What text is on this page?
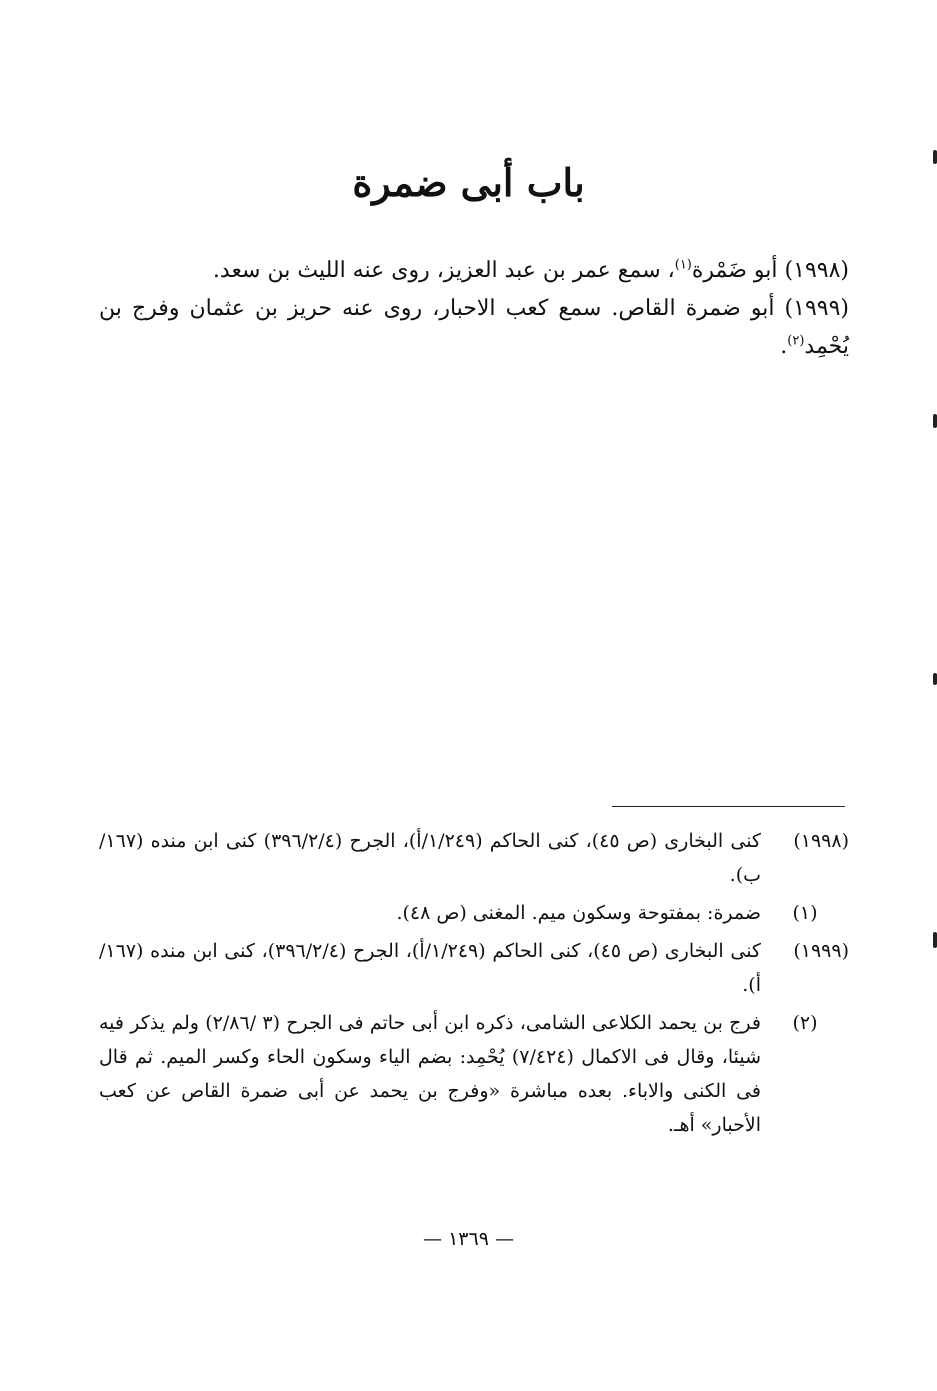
باب أبى ضمرة

(١٩٩٨) أبو ضَمْرة$^{(١)}$، سمع عمر بن عبد العزيز، روى عنه الليث بن سعد.

(١٩٩٩) أبو ضمرة القاص. سمع كعب الاحبار، روى عنه حريز بن عثمان وفرج بن يُحْمِد$^{(٢)}$.

(١٩٩٨)
كنى البخارى (ص ٤٥)، كنى الحاكم (١/٢٤٩/أ)، الجرح (٣٩٦/٢/٤) كنى ابن منده (١٦٧/ب).
(١)
ضمرة: بمفتوحة وسكون ميم. المغنى (ص ٤٨).
(١٩٩٩)
كنى البخارى (ص ٤٥)، كنى الحاكم (١/٢٤٩/أ)، الجرح (٣٩٦/٢/٤)، كنى ابن منده (١٦٧/أ).
(٢)
فرج بن يحمد الكلاعى الشامى، ذكره ابن أبى حاتم فى الجرح (٣ /٢/٨٦) ولم يذكر فيه شيئا، وقال فى الاكمال (٧/٤٢٤) يُحْمِد: بضم الياء وسكون الحاء وكسر الميم. ثم قال فى الكنى والاباء. بعده مباشرة «وفرج بن يحمد عن أبى ضمرة القاص عن كعب الأحبار» أهـ.
— ١٣٦٩ —
